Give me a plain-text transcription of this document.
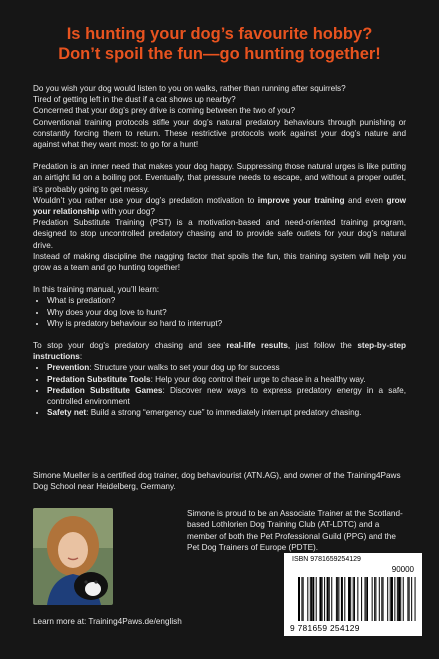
Is hunting your dog’s favourite hobby?
Don’t spoil the fun—go hunting together!

Do you wish your dog would listen to you on walks, rather than running after squirrels?

Tired of getting left in the dust if a cat shows up nearby?

Concerned that your dog’s prey drive is coming between the two of you?

Conventional training protocols stifle your dog’s natural predatory behaviours through punishing or constantly forcing them to return. These restrictive protocols work against your dog’s nature and against what they want most: to go for a hunt!

Predation is an inner need that makes your dog happy. Suppressing those natural urges is like putting an airtight lid on a boiling pot. Eventually, that pressure needs to escape, and without a proper outlet, it’s probably going to get messy.

Wouldn’t you rather use your dog’s predation motivation to improve your training and even grow your relationship with your dog?

Predation Substitute Training (PST) is a motivation-based and need-oriented training program, designed to stop uncontrolled predatory chasing and to provide safe outlets for your dog’s natural drive.

Instead of making discipline the nagging factor that spoils the fun, this training system will help you grow as a team and go hunting together!

In this training manual, you’ll learn:

• What is predation?
• Why does your dog love to hunt?
• Why is predatory behaviour so hard to interrupt?

To stop your dog’s predatory chasing and see real-life results, just follow the step-by-step instructions:

• Prevention: Structure your walks to set your dog up for success
• Predation Substitute Tools: Help your dog control their urge to chase in a healthy way.
• Predation Substitute Games: Discover new ways to express predatory energy in a safe, controlled environment
• Safety net: Build a strong “emergency cue” to immediately interrupt predatory chasing.
Simone Mueller is a certified dog trainer, dog behaviourist (ATN.AG), and owner of the Training4Paws Dog School near Heidelberg, Germany.
Simone is proud to be an Associate Trainer at the Scotland-based Lothlorien Dog Training Club (AT-LDTC) and a member of both the Pet Professional Guild (PPG) and the Pet Dog Trainers of Europe (PDTE).
ISBN 9781659254129
90000
9 781659 254129
Learn more at: Training4Paws.de/english
